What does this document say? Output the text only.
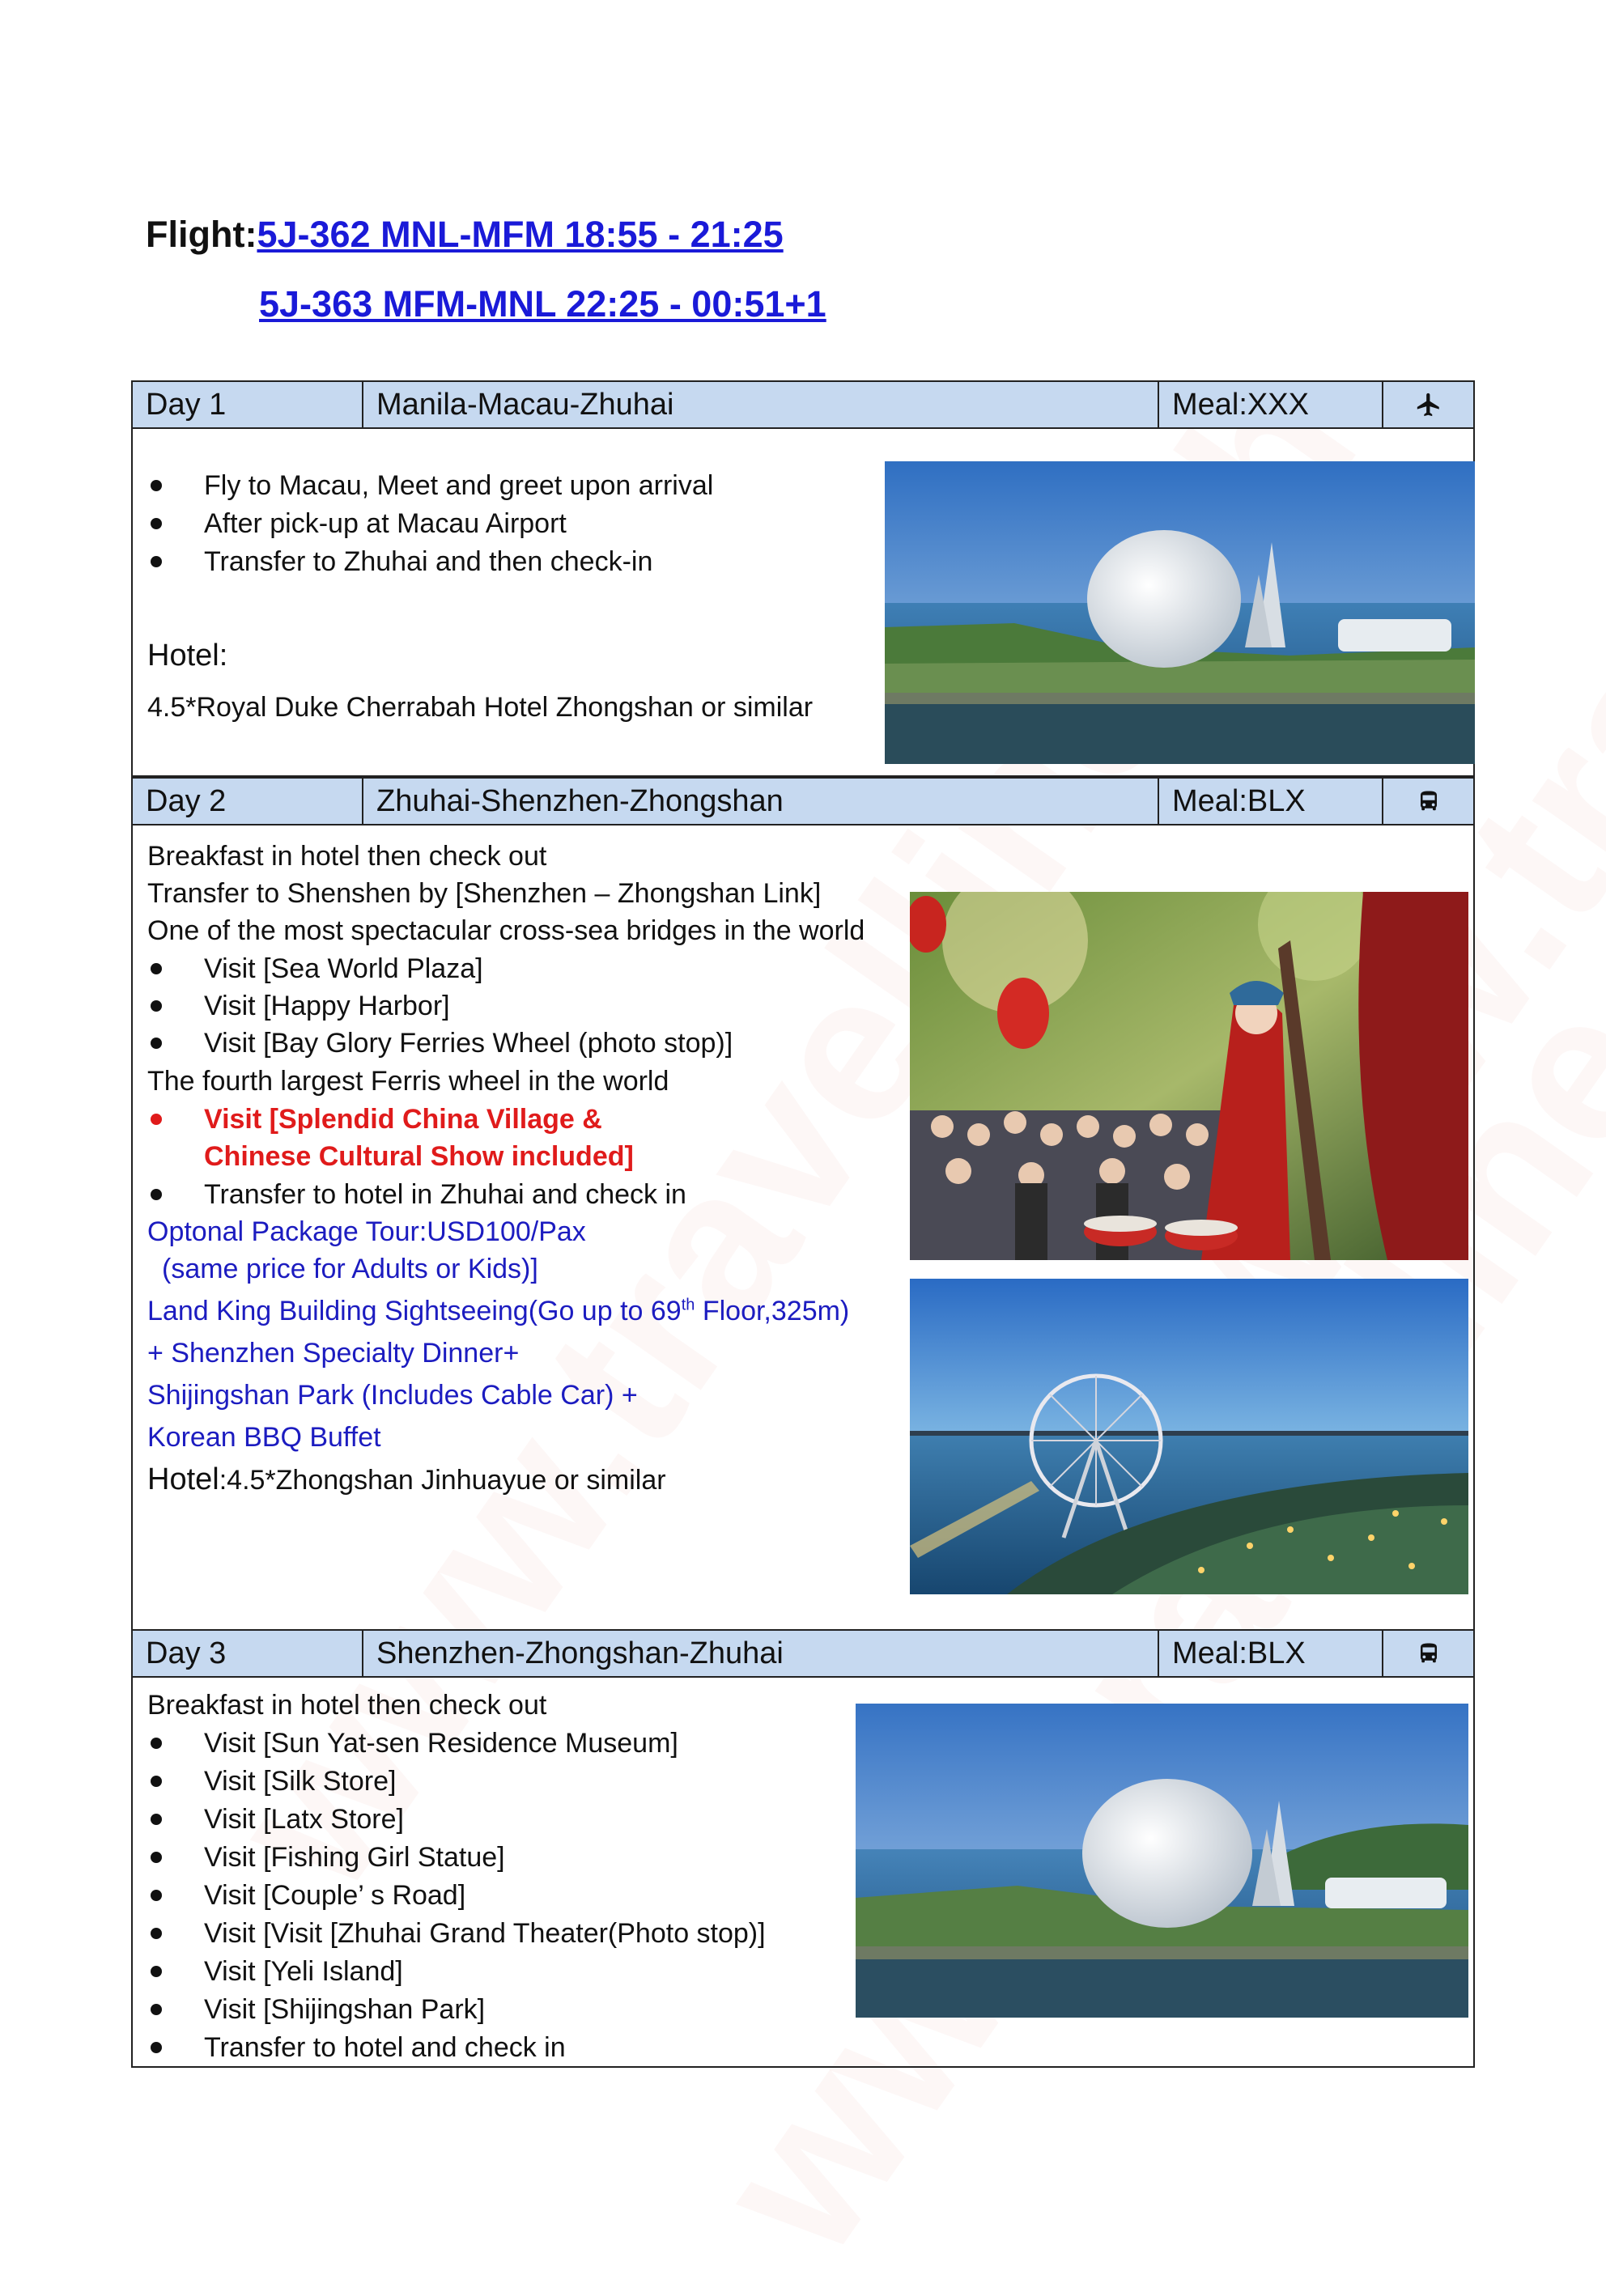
Flight:5J-362 MNL-MFM 18:55 - 21:25
5J-363 MFM-MNL 22:25 - 00:51+1
Day 1	Manila-Macau-Zhuhai	Meal:XXX
Fly to Macau, Meet and greet upon arrival
After pick-up at Macau Airport
Transfer to Zhuhai and then check-in
Hotel:
4.5*Royal Duke Cherrabah Hotel Zhongshan or similar
Day 2	Zhuhai-Shenzhen-Zhongshan	Meal:BLX
Breakfast in hotel then check out
Transfer to Shenshen by [Shenzhen – Zhongshan Link]
One of the most spectacular cross-sea bridges in the world
Visit [Sea World Plaza]
Visit [Happy Harbor]
Visit [Bay Glory Ferries Wheel (photo stop)]
The fourth largest Ferris wheel in the world
Visit [Splendid China Village &
Chinese Cultural Show included]
Transfer to hotel in Zhuhai and check in
Optonal Package Tour:USD100/Pax
(same price for Adults or Kids)]
Land King Building Sightseeing(Go up to 69th Floor,325m)
+ Shenzhen Specialty Dinner+
Shijingshan Park (Includes Cable Car) +
Korean BBQ Buffet
Hotel:4.5*Zhongshan Jinhuayue or similar
Day 3	Shenzhen-Zhongshan-Zhuhai	Meal:BLX
Breakfast in hotel then check out
Visit [Sun Yat-sen Residence Museum]
Visit [Silk Store]
Visit [Latx Store]
Visit [Fishing Girl Statue]
Visit [Couple’ s Road]
Visit [Visit [Zhuhai Grand Theater(Photo stop)]
Visit [Yeli Island]
Visit [Shijingshan Park]
Transfer to hotel and check in
